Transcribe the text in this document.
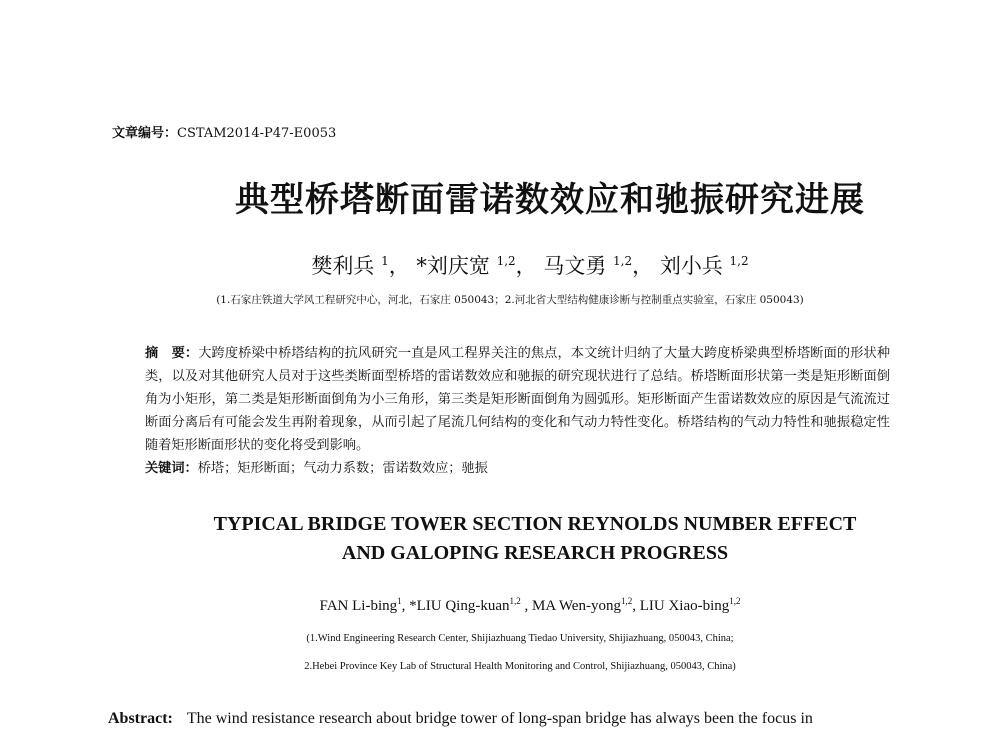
文章编号：CSTAM2014-P47-E0053
典型桥塔断面雷诺数效应和驰振研究进展
樊利兵 $^1$， *刘庆宽 $^{1,2}$， 马文勇 $^{1,2}$， 刘小兵 $^{1,2}$
(1.石家庄铁道大学风工程研究中心，河北，石家庄 050043；2.河北省大型结构健康诊断与控制重点实验室，石家庄 050043)
摘　要：大跨度桥梁中桥塔结构的抗风研究一直是风工程界关注的焦点，本文统计归纳了大量大跨度桥梁典型桥塔断面的形状种类，以及对其他研究人员对于这些类断面型桥塔的雷诺数效应和驰振的研究现状进行了总结。桥塔断面形状第一类是矩形断面倒角为小矩形，第二类是矩形断面倒角为小三角形，第三类是矩形断面倒角为圆弧形。矩形断面产生雷诺数效应的原因是气流流过断面分离后有可能会发生再附着现象，从而引起了尾流几何结构的变化和气动力特性变化。桥塔结构的气动力特性和驰振稳定性随着矩形断面形状的变化将受到影响。
关键词：桥塔；矩形断面；气动力系数；雷诺数效应；驰振
TYPICAL BRIDGE TOWER SECTION REYNOLDS NUMBER EFFECT
AND GALOPING RESEARCH PROGRESS
FAN Li-bing$^1$, *LIU Qing-kuan$^{1,2}$ , MA Wen-yong$^{1,2}$, LIU Xiao-bing$^{1,2}$
(1.Wind Engineering Research Center, Shijiazhuang Tiedao University, Shijiazhuang, 050043, China;
2.Hebei Province Key Lab of Structural Health Monitoring and Control, Shijiazhuang, 050043, China)
Abstract: The wind resistance research about bridge tower of long-span bridge has always been the focus in
